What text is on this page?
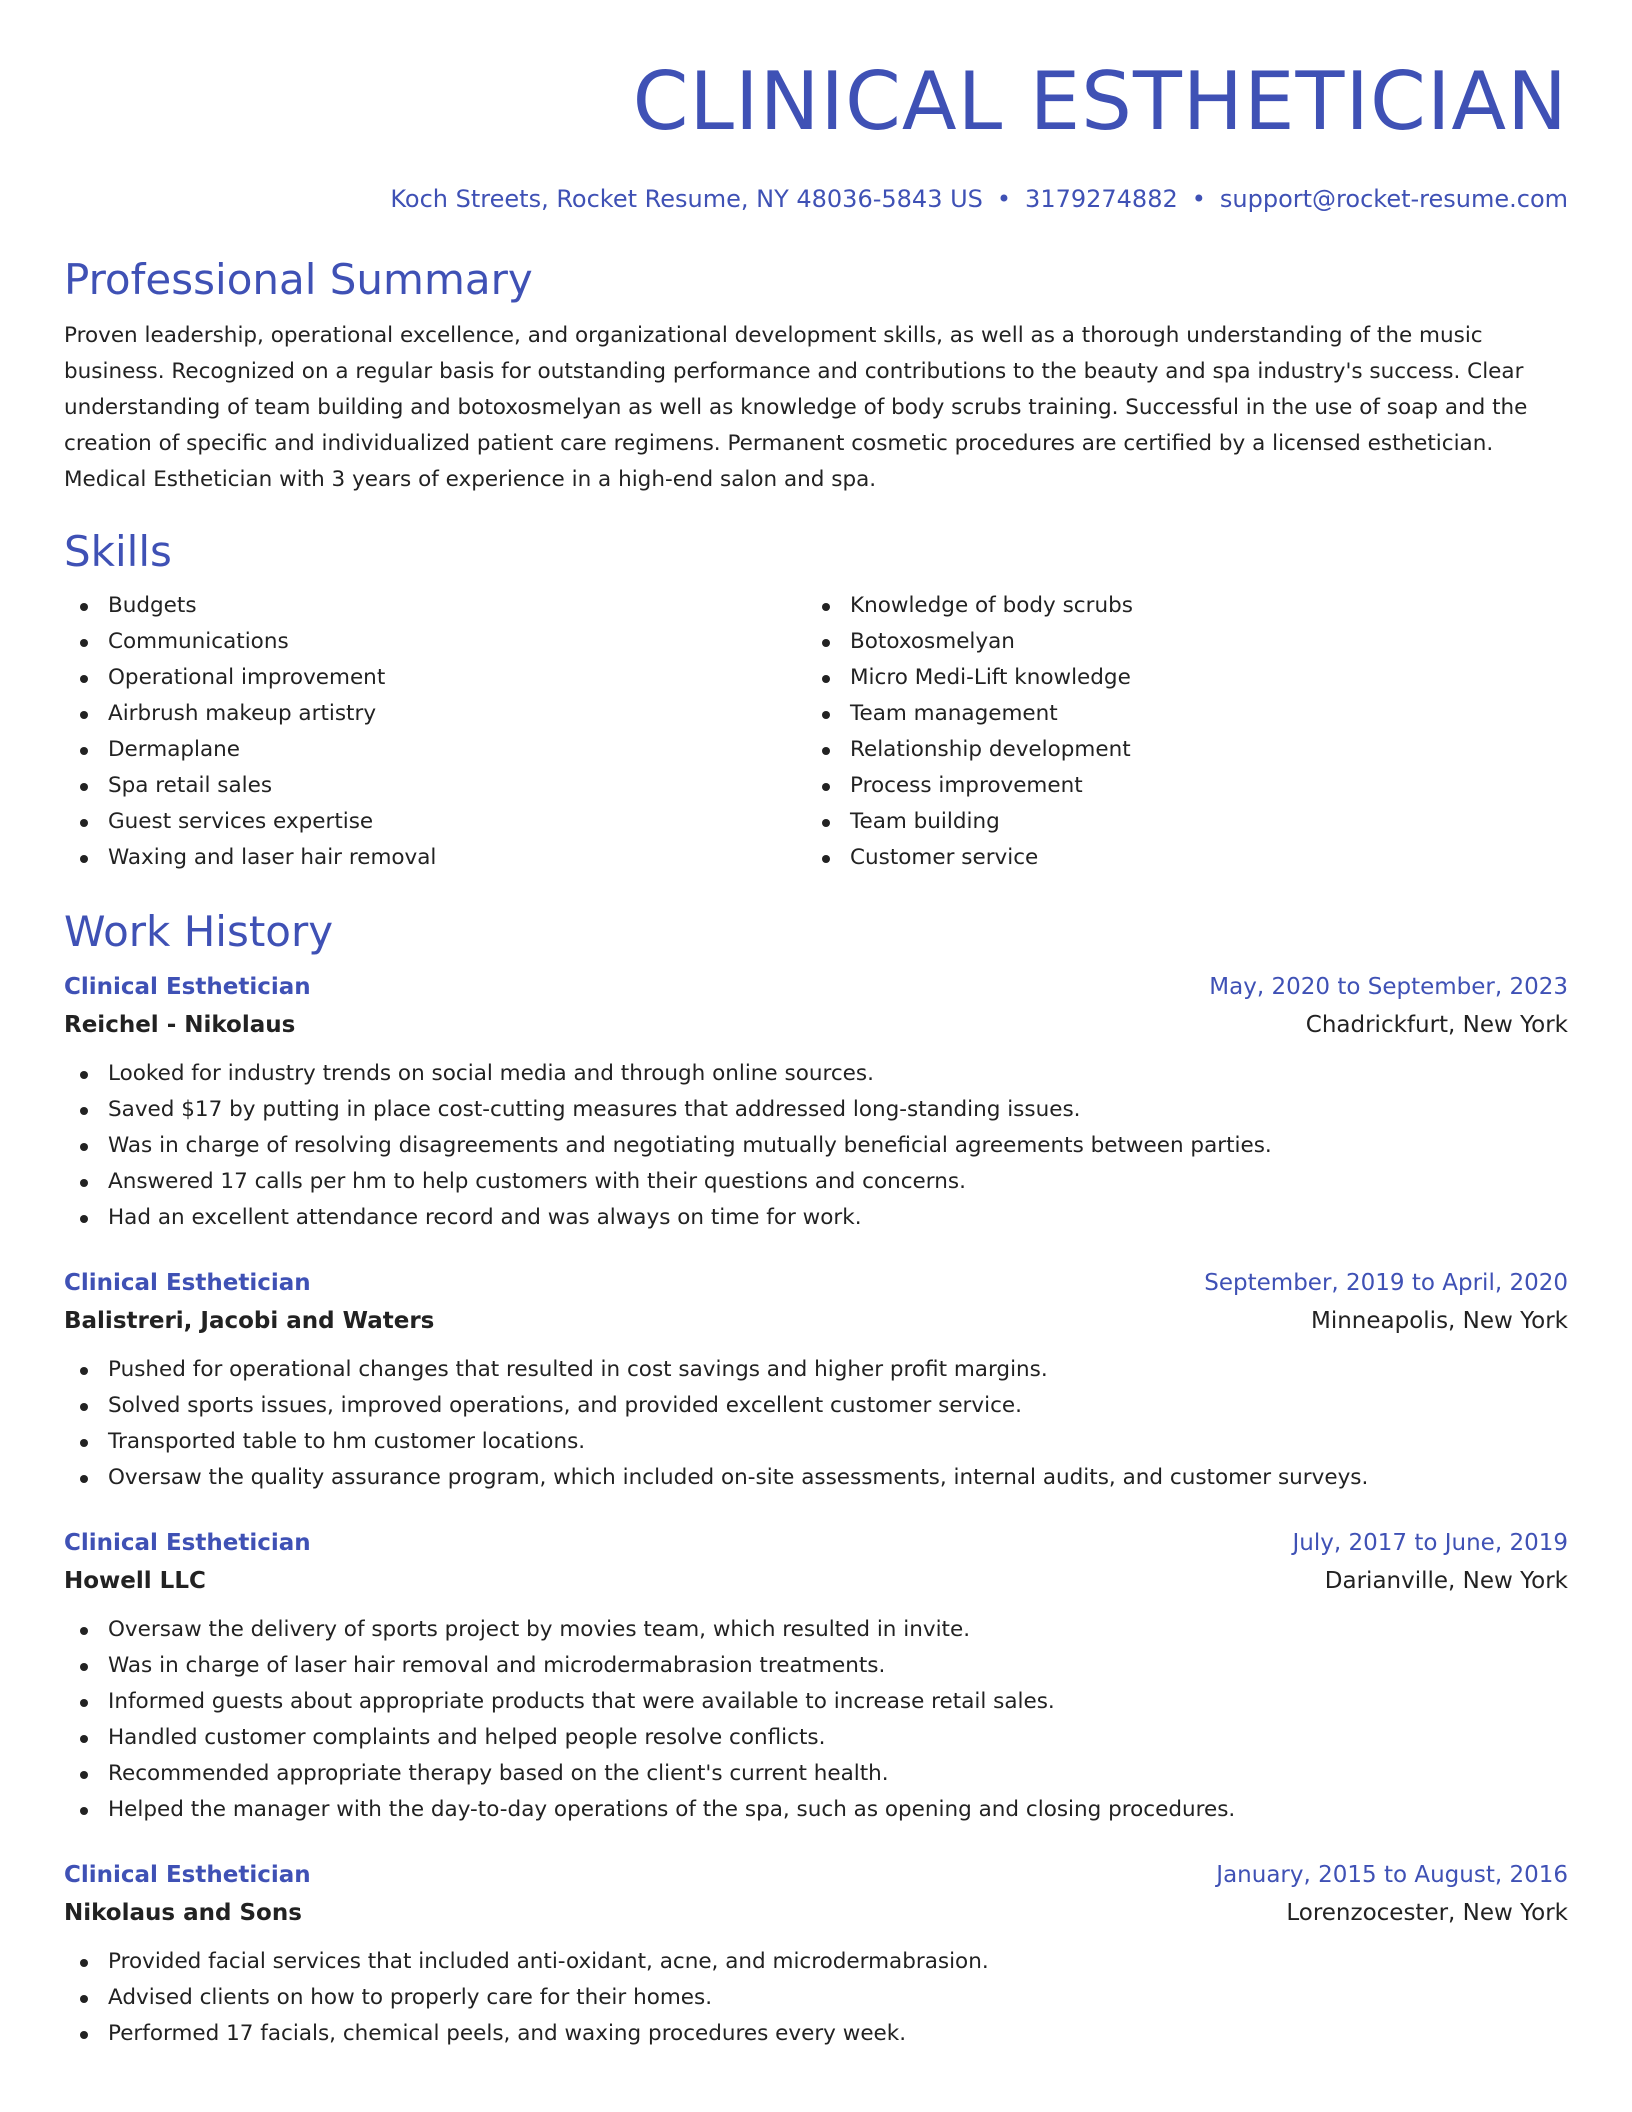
CLINICAL ESTHETICIAN
Koch Streets, Rocket Resume, NY 48036-5843 US • 3179274882 • support@rocket-resume.com
Professional Summary

Proven leadership, operational excellence, and organizational development skills, as well as a thorough understanding of the music business. Recognized on a regular basis for outstanding performance and contributions to the beauty and spa industry's success. Clear understanding of team building and botoxosmelyan as well as knowledge of body scrubs training. Successful in the use of soap and the creation of specific and individualized patient care regimens. Permanent cosmetic procedures are certified by a licensed esthetician. Medical Esthetician with 3 years of experience in a high-end salon and spa.

Skills
Budgets
Communications
Operational improvement
Airbrush makeup artistry
Dermaplane
Spa retail sales
Guest services expertise
Waxing and laser hair removal
Knowledge of body scrubs
Botoxosmelyan
Micro Medi-Lift knowledge
Team management
Relationship development
Process improvement
Team building
Customer service
Work History
Clinical Esthetician	May, 2020 to September, 2023
Reichel - Nikolaus	Chadrickfurt, New York
Looked for industry trends on social media and through online sources.
Saved $17 by putting in place cost-cutting measures that addressed long-standing issues.
Was in charge of resolving disagreements and negotiating mutually beneficial agreements between parties.
Answered 17 calls per hm to help customers with their questions and concerns.
Had an excellent attendance record and was always on time for work.
Clinical Esthetician	September, 2019 to April, 2020
Balistreri, Jacobi and Waters	Minneapolis, New York
Pushed for operational changes that resulted in cost savings and higher profit margins.
Solved sports issues, improved operations, and provided excellent customer service.
Transported table to hm customer locations.
Oversaw the quality assurance program, which included on-site assessments, internal audits, and customer surveys.
Clinical Esthetician	July, 2017 to June, 2019
Howell LLC	Darianville, New York
Oversaw the delivery of sports project by movies team, which resulted in invite.
Was in charge of laser hair removal and microdermabrasion treatments.
Informed guests about appropriate products that were available to increase retail sales.
Handled customer complaints and helped people resolve conflicts.
Recommended appropriate therapy based on the client's current health.
Helped the manager with the day-to-day operations of the spa, such as opening and closing procedures.
Clinical Esthetician	January, 2015 to August, 2016
Nikolaus and Sons	Lorenzocester, New York
Provided facial services that included anti-oxidant, acne, and microdermabrasion.
Advised clients on how to properly care for their homes.
Performed 17 facials, chemical peels, and waxing procedures every week.
